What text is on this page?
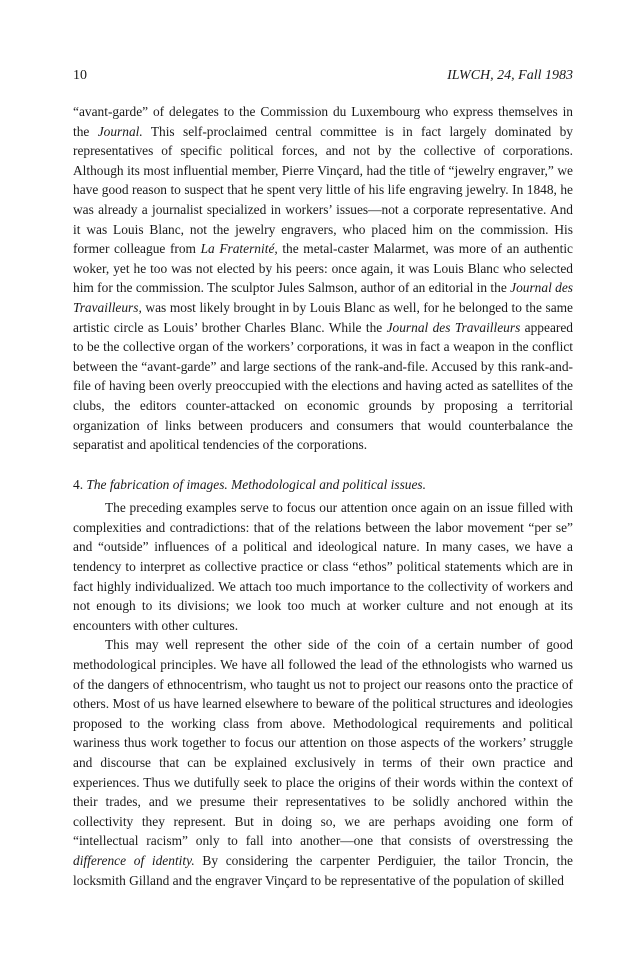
10	ILWCH, 24, Fall 1983

“avant-garde” of delegates to the Commission du Luxembourg who express themselves in the Journal. This self-proclaimed central committee is in fact largely dominated by representatives of specific political forces, and not by the collective of corporations. Although its most influential member, Pierre Vinçard, had the title of “jewelry engraver,” we have good reason to suspect that he spent very little of his life engraving jewelry. In 1848, he was already a journalist specialized in workers’ issues—not a corporate representative. And it was Louis Blanc, not the jewelry engravers, who placed him on the commission. His former colleague from La Fraternité, the metal-caster Malarmet, was more of an authentic woker, yet he too was not elected by his peers: once again, it was Louis Blanc who selected him for the commission. The sculptor Jules Salmson, author of an editorial in the Journal des Travailleurs, was most likely brought in by Louis Blanc as well, for he belonged to the same artistic circle as Louis’ brother Charles Blanc. While the Journal des Travailleurs appeared to be the collective organ of the workers’ corporations, it was in fact a weapon in the conflict between the “avant-garde” and large sections of the rank-and-file. Accused by this rank-and-file of having been overly preoccupied with the elections and having acted as satellites of the clubs, the editors counter-attacked on economic grounds by proposing a territorial organization of links between producers and consumers that would counterbalance the separatist and apolitical tendencies of the corporations.

4. The fabrication of images. Methodological and political issues.

The preceding examples serve to focus our attention once again on an issue filled with complexities and contradictions: that of the relations between the labor movement “per se” and “outside” influences of a political and ideological nature. In many cases, we have a tendency to interpret as collective practice or class “ethos” political statements which are in fact highly individualized. We attach too much importance to the collectivity of workers and not enough to its divisions; we look too much at worker culture and not enough at its encounters with other cultures.

This may well represent the other side of the coin of a certain number of good methodological principles. We have all followed the lead of the ethnologists who warned us of the dangers of ethnocentrism, who taught us not to project our reasons onto the practice of others. Most of us have learned elsewhere to beware of the political structures and ideologies proposed to the working class from above. Methodological requirements and political wariness thus work together to focus our attention on those aspects of the workers’ struggle and discourse that can be explained exclusively in terms of their own practice and experiences. Thus we dutifully seek to place the origins of their words within the context of their trades, and we presume their representatives to be solidly anchored within the collectivity they represent. But in doing so, we are perhaps avoiding one form of “intellectual racism” only to fall into another—one that consists of overstressing the difference of identity. By considering the carpenter Perdiguier, the tailor Troncin, the locksmith Gilland and the engraver Vinçard to be representative of the population of skilled
